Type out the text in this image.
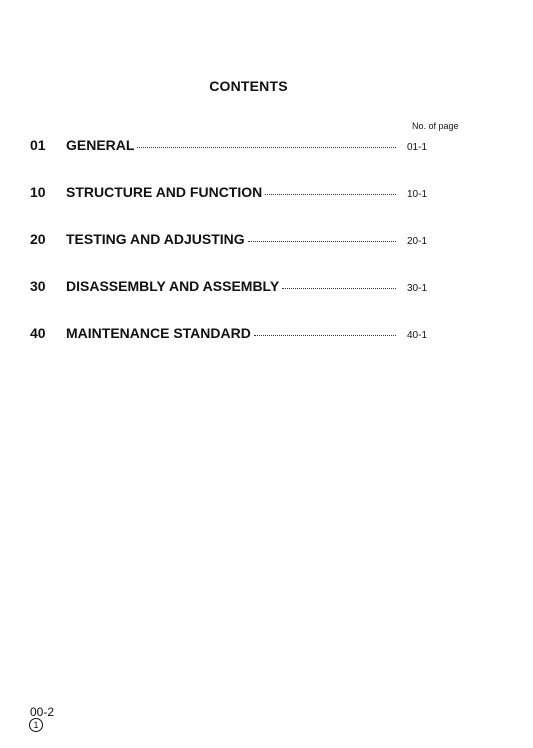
CONTENTS
No. of page
01	GENERAL	01-1
10	STRUCTURE AND FUNCTION	10-1
20	TESTING AND ADJUSTING	20-1
30	DISASSEMBLY AND ASSEMBLY	30-1
40	MAINTENANCE STANDARD	40-1
00-2
1
